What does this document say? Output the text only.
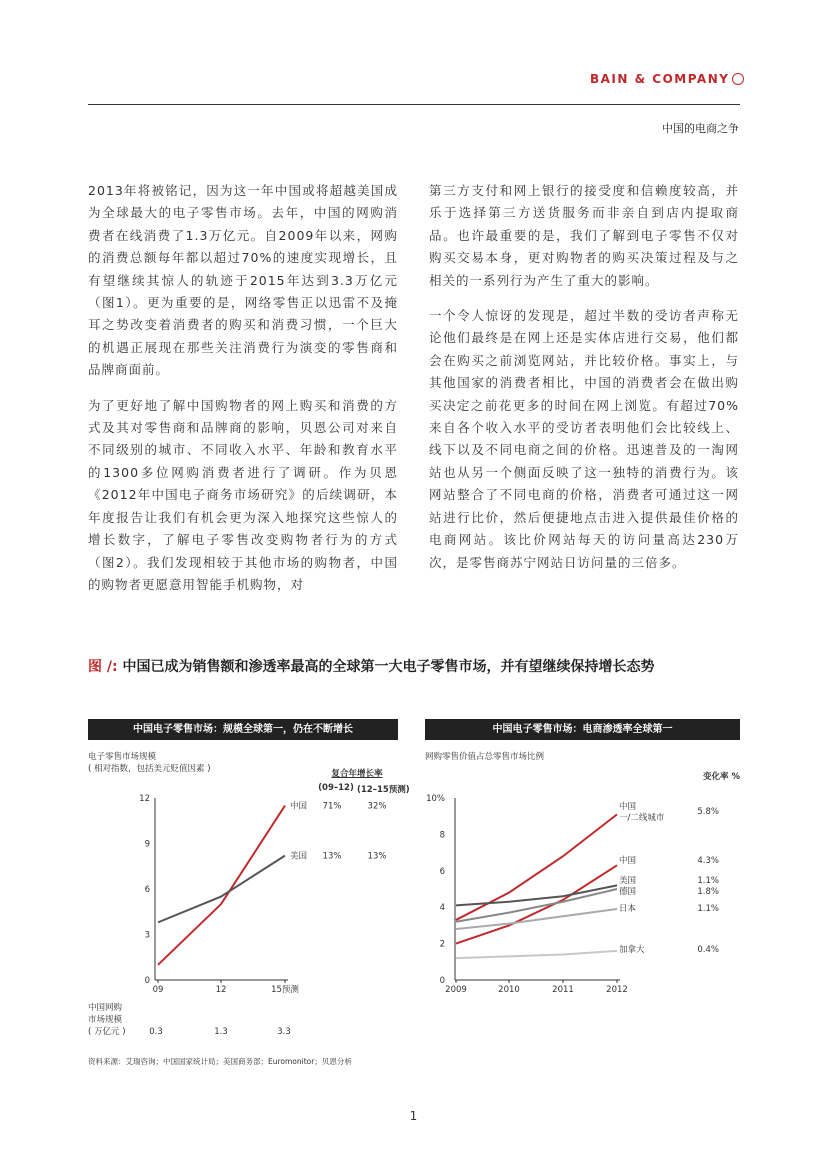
BAIN & COMPANY
中国的电商之争

2013年将被铭记，因为这一年中国或将超越美国成为全球最大的电子零售市场。去年，中国的网购消费者在线消费了1.3万亿元。自2009年以来，网购的消费总额每年都以超过70%的速度实现增长，且有望继续其惊人的轨迹于2015年达到3.3万亿元（图1）。更为重要的是，网络零售正以迅雷不及掩耳之势改变着消费者的购买和消费习惯，一个巨大的机遇正展现在那些关注消费行为演变的零售商和品牌商面前。

为了更好地了解中国购物者的网上购买和消费的方式及其对零售商和品牌商的影响，贝恩公司对来自不同级别的城市、不同收入水平、年龄和教育水平的1300多位网购消费者进行了调研。作为贝恩《2012年中国电子商务市场研究》的后续调研，本年度报告让我们有机会更为深入地探究这些惊人的增长数字，了解电子零售改变购物者行为的方式（图2）。我们发现相较于其他市场的购物者，中国的购物者更愿意用智能手机购物，对

第三方支付和网上银行的接受度和信赖度较高，并乐于选择第三方送货服务而非亲自到店内提取商品。也许最重要的是，我们了解到电子零售不仅对购买交易本身，更对购物者的购买决策过程及与之相关的一系列行为产生了重大的影响。

一个令人惊讶的发现是，超过半数的受访者声称无论他们最终是在网上还是实体店进行交易，他们都会在购买之前浏览网站，并比较价格。事实上，与其他国家的消费者相比，中国的消费者会在做出购买决定之前花更多的时间在网上浏览。有超过70%来自各个收入水平的受访者表明他们会比较线上、线下以及不同电商之间的价格。迅速普及的一淘网站也从另一个侧面反映了这一独特的消费行为。该网站整合了不同电商的价格，消费者可通过这一网站进行比价，然后便捷地点击进入提供最佳价格的电商网站。该比价网站每天的访问量高达230万次，是零售商苏宁网站日访问量的三倍多。

图 /: 中国已成为销售额和渗透率最高的全球第一大电子零售市场，并有望继续保持增长态势
中国电子零售市场：规模全球第一，仍在不断增长
电子零售市场规模
( 相对指数，包括美元贬值因素 )	复合年增长率
(09–12) (12–15预测)
0
3
6
9
12
09	12	15预测
中国 71%	32%
美国 13%	13%
中国网购
市场规模
( 万亿元 )	0.3	1.3	3.3
中国电子零售市场：电商渗透率全球第一
网购零售价值占总零售市场比例
变化率 %
0
2
4
6
8
10%
2009	2010	2011	2012
中国
一/二线城市
5.8%
中国	4.3%
美国	1.1%
德国	1.8%
日本	1.1%
加拿大	0.4%
资料来源：艾瑞咨询；中国国家统计局；美国商务部；Euromonitor；贝恩分析
1
